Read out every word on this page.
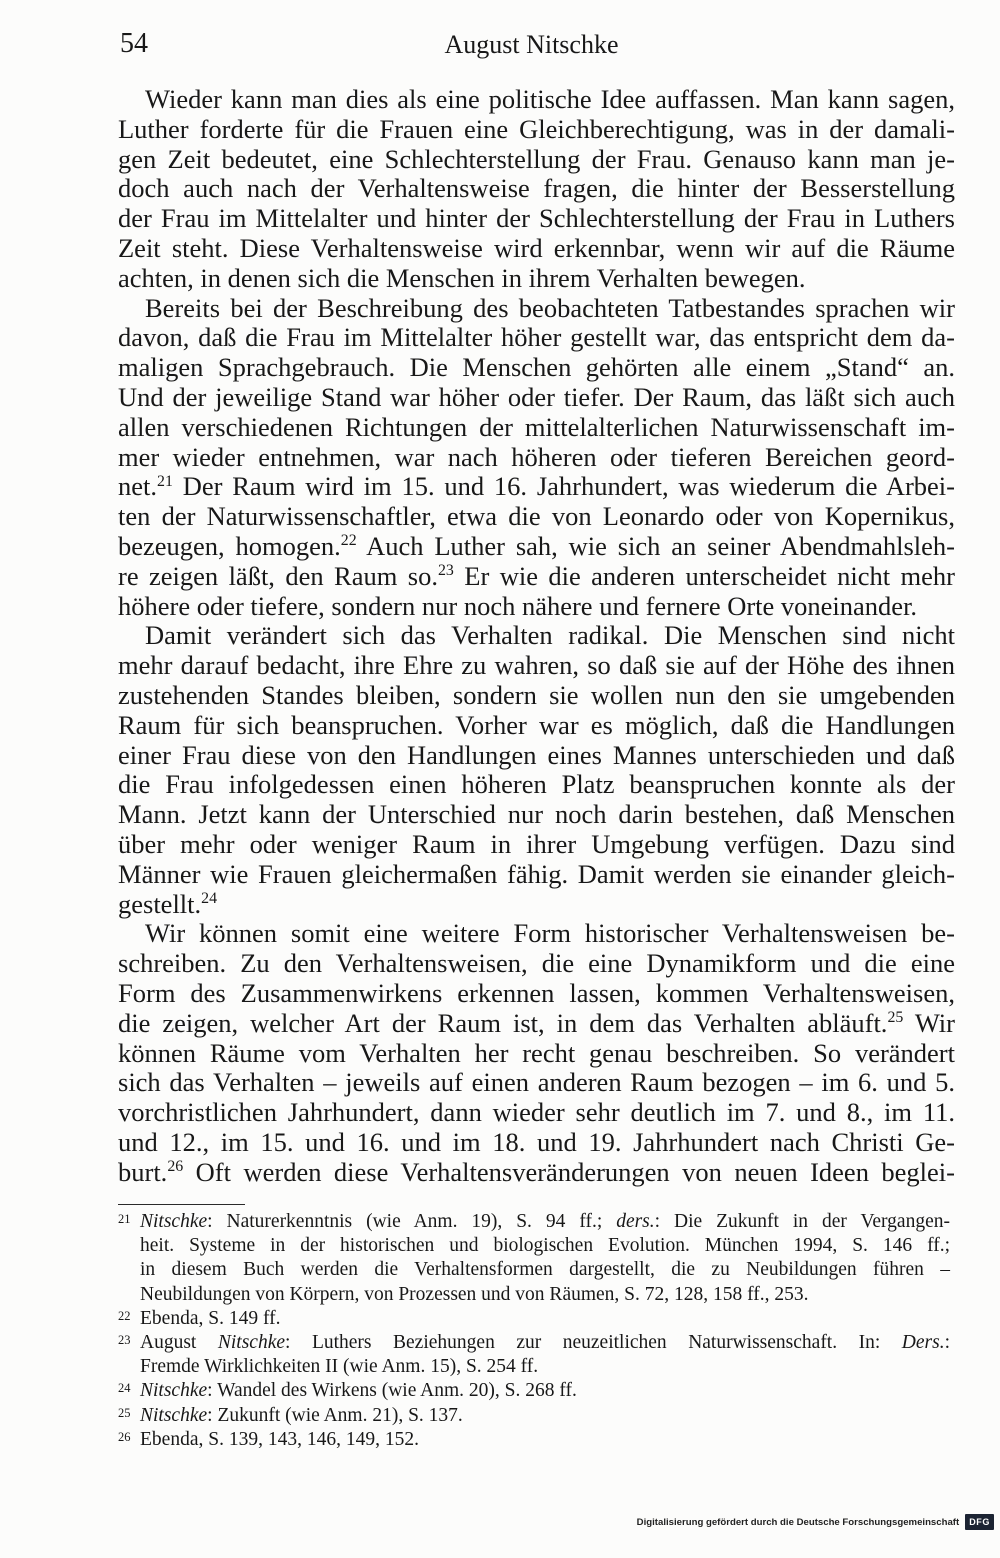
54	August Nitschke
Wieder kann man dies als eine politische Idee auffassen. Man kann sagen,
Luther forderte für die Frauen eine Gleichberechtigung, was in der damali-
gen Zeit bedeutet, eine Schlechterstellung der Frau. Genauso kann man je-
doch auch nach der Verhaltensweise fragen, die hinter der Besserstellung
der Frau im Mittelalter und hinter der Schlechterstellung der Frau in Luthers
Zeit steht. Diese Verhaltensweise wird erkennbar, wenn wir auf die Räume
achten, in denen sich die Menschen in ihrem Verhalten bewegen.
Bereits bei der Beschreibung des beobachteten Tatbestandes sprachen wir
davon, daß die Frau im Mittelalter höher gestellt war, das entspricht dem da-
maligen Sprachgebrauch. Die Menschen gehörten alle einem „Stand“ an.
Und der jeweilige Stand war höher oder tiefer. Der Raum, das läßt sich auch
allen verschiedenen Richtungen der mittelalterlichen Naturwissenschaft im-
mer wieder entnehmen, war nach höheren oder tieferen Bereichen geord-
net.$^{21}$ Der Raum wird im 15. und 16. Jahrhundert, was wiederum die Arbei-
ten der Naturwissenschaftler, etwa die von Leonardo oder von Kopernikus,
bezeugen, homogen.$^{22}$ Auch Luther sah, wie sich an seiner Abendmahlsleh-
re zeigen läßt, den Raum so.$^{23}$ Er wie die anderen unterscheidet nicht mehr
höhere oder tiefere, sondern nur noch nähere und fernere Orte voneinander.
Damit verändert sich das Verhalten radikal. Die Menschen sind nicht
mehr darauf bedacht, ihre Ehre zu wahren, so daß sie auf der Höhe des ihnen
zustehenden Standes bleiben, sondern sie wollen nun den sie umgebenden
Raum für sich beanspruchen. Vorher war es möglich, daß die Handlungen
einer Frau diese von den Handlungen eines Mannes unterschieden und daß
die Frau infolgedessen einen höheren Platz beanspruchen konnte als der
Mann. Jetzt kann der Unterschied nur noch darin bestehen, daß Menschen
über mehr oder weniger Raum in ihrer Umgebung verfügen. Dazu sind
Männer wie Frauen gleichermaßen fähig. Damit werden sie einander gleich-
gestellt.$^{24}$
Wir können somit eine weitere Form historischer Verhaltensweisen be-
schreiben. Zu den Verhaltensweisen, die eine Dynamikform und die eine
Form des Zusammenwirkens erkennen lassen, kommen Verhaltensweisen,
die zeigen, welcher Art der Raum ist, in dem das Verhalten abläuft.$^{25}$ Wir
können Räume vom Verhalten her recht genau beschreiben. So verändert
sich das Verhalten – jeweils auf einen anderen Raum bezogen – im 6. und 5.
vorchristlichen Jahrhundert, dann wieder sehr deutlich im 7. und 8., im 11.
und 12., im 15. und 16. und im 18. und 19. Jahrhundert nach Christi Ge-
burt.$^{26}$ Oft werden diese Verhaltensveränderungen von neuen Ideen beglei-
21 Nitschke: Naturerkenntnis (wie Anm. 19), S. 94 ff.; ders.: Die Zukunft in der Vergangen-
heit. Systeme in der historischen und biologischen Evolution. München 1994, S. 146 ff.;
in diesem Buch werden die Verhaltensformen dargestellt, die zu Neubildungen führen –
Neubildungen von Körpern, von Prozessen und von Räumen, S. 72, 128, 158 ff., 253.
22 Ebenda, S. 149 ff.
23 August Nitschke: Luthers Beziehungen zur neuzeitlichen Naturwissenschaft. In: Ders.:
Fremde Wirklichkeiten II (wie Anm. 15), S. 254 ff.
24 Nitschke: Wandel des Wirkens (wie Anm. 20), S. 268 ff.
25 Nitschke: Zukunft (wie Anm. 21), S. 137.
26 Ebenda, S. 139, 143, 146, 149, 152.
Digitalisierung gefördert durch die Deutsche Forschungsgemeinschaft	DFG
